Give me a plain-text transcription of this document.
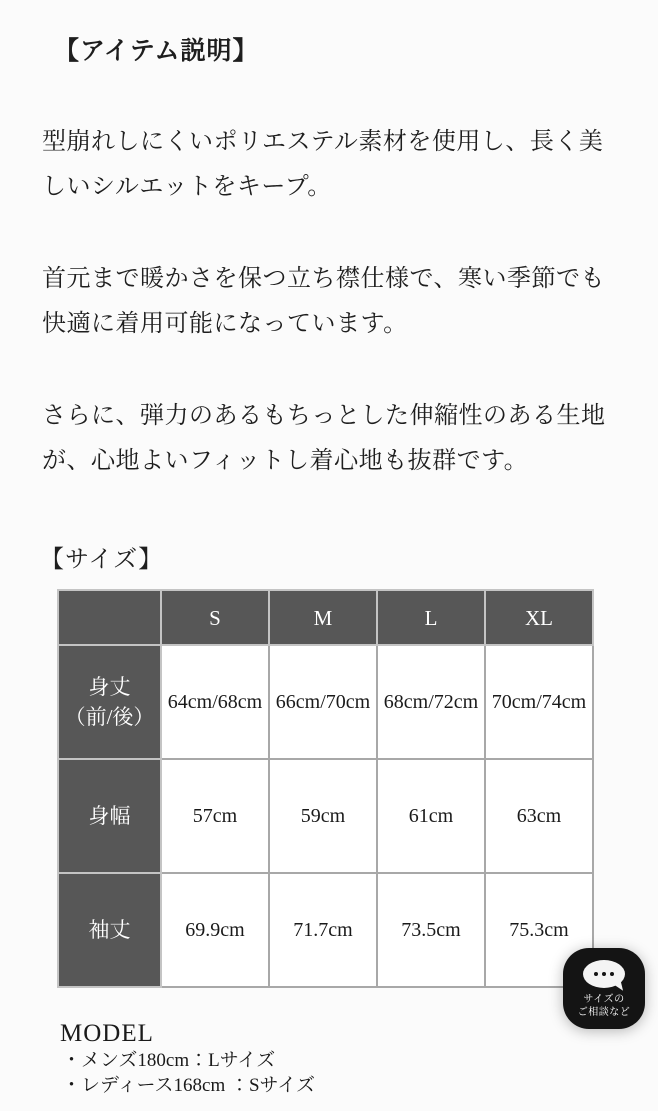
【アイテム説明】

型崩れしにくいポリエステル素材を使用し、長く美しいシルエットをキープ。

首元まで暖かさを保つ立ち襟仕様で、寒い季節でも快適に着用可能になっています。

さらに、弾力のあるもちっとした伸縮性のある生地が、心地よいフィットし着心地も抜群です。

【サイズ】
	S	M	L	XL
身丈
（前/後）	64cm/68cm	66cm/70cm	68cm/72cm	70cm/74cm
身幅	57cm	59cm	61cm	63cm
袖丈	69.9cm	71.7cm	73.5cm	75.3cm
MODEL
・メンズ180cm：Lサイズ
・レディース168cm ：Sサイズ
サイズの
ご相談など
